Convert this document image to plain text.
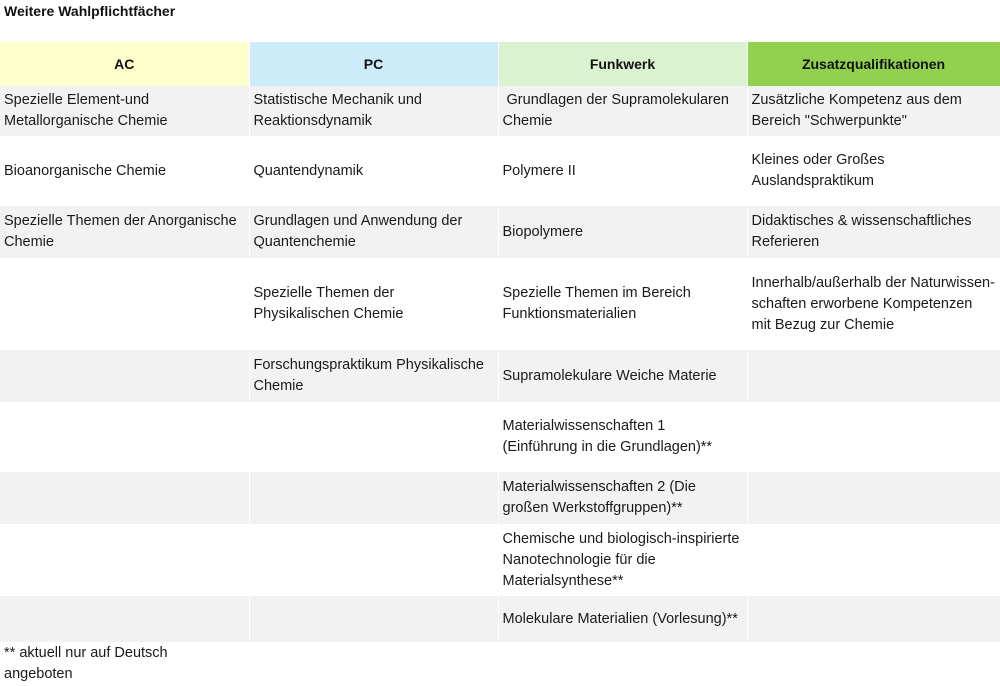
Weitere Wahlpflichtfächer
AC	PC	Funkwerk	Zusatzqualifikationen
Spezielle Element-und Metallorganische Chemie	Statistische Mechanik und Reaktionsdynamik	Grundlagen der Supramolekularen Chemie	Zusätzliche Kompetenz aus dem Bereich "Schwerpunkte"
Bioanorganische Chemie	Quantendynamik	Polymere II	Kleines oder Großes Auslandspraktikum
Spezielle Themen der Anorganische Chemie	Grundlagen und Anwendung der Quantenchemie	Biopolymere	Didaktisches & wissenschaftliches Referieren
	Spezielle Themen der Physikalischen Chemie	Spezielle Themen im Bereich Funktionsmaterialien	Innerhalb/außerhalb der Naturwissen-schaften erworbene Kompetenzen mit Bezug zur Chemie
	Forschungspraktikum Physikalische Chemie	Supramolekulare Weiche Materie	
		Materialwissenschaften 1 (Einführung in die Grundlagen)**	
		Materialwissenschaften 2 (Die großen Werkstoffgruppen)**	
		Chemische und biologisch-inspirierte Nanotechnologie für die Materialsynthese**	
		Molekulare Materialien (Vorlesung)**	
** aktuell nur auf Deutsch angeboten
